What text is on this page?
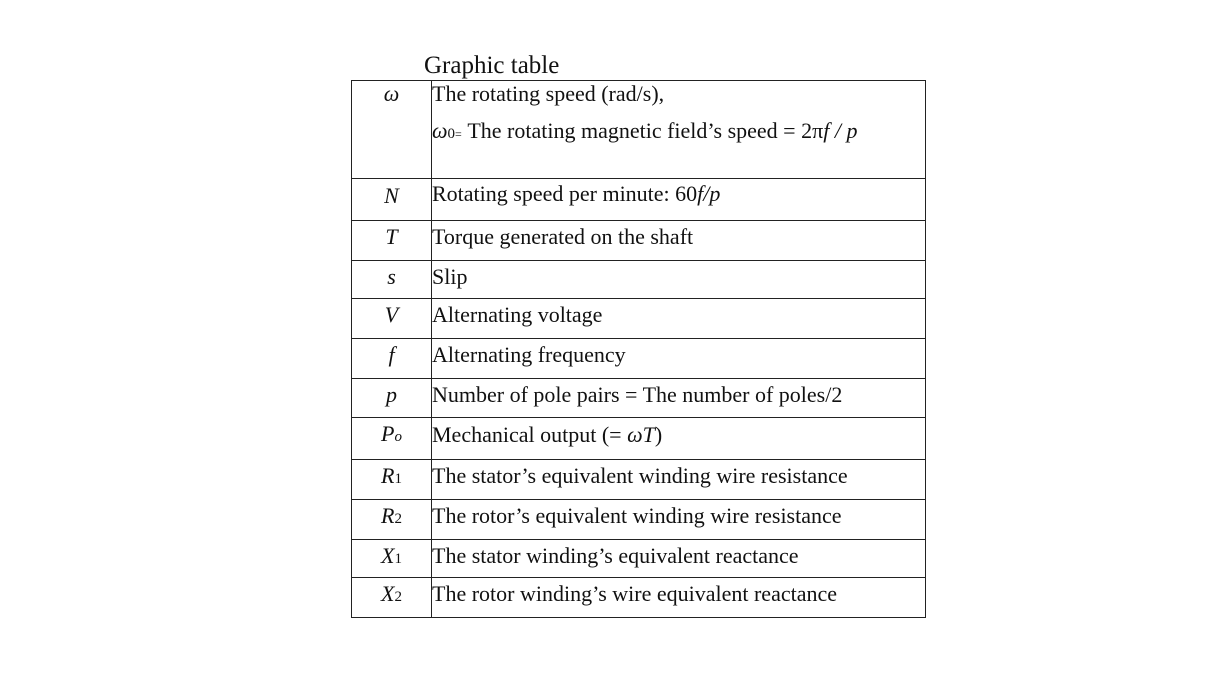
Graphic table
ω	The rotating speed (rad/s),
ω0= The rotating magnetic field’s speed = 2πf / p

N	Rotating speed per minute: 60f/p
T	Torque generated on the shaft
s	Slip
V	Alternating voltage
f	Alternating frequency
p	Number of pole pairs = The number of poles/2
Po	Mechanical output (= ωT)
R1	The stator’s equivalent winding wire resistance
R2	The rotor’s equivalent winding wire resistance
X1	The stator winding’s equivalent reactance
X2	The rotor winding’s wire equivalent reactance
